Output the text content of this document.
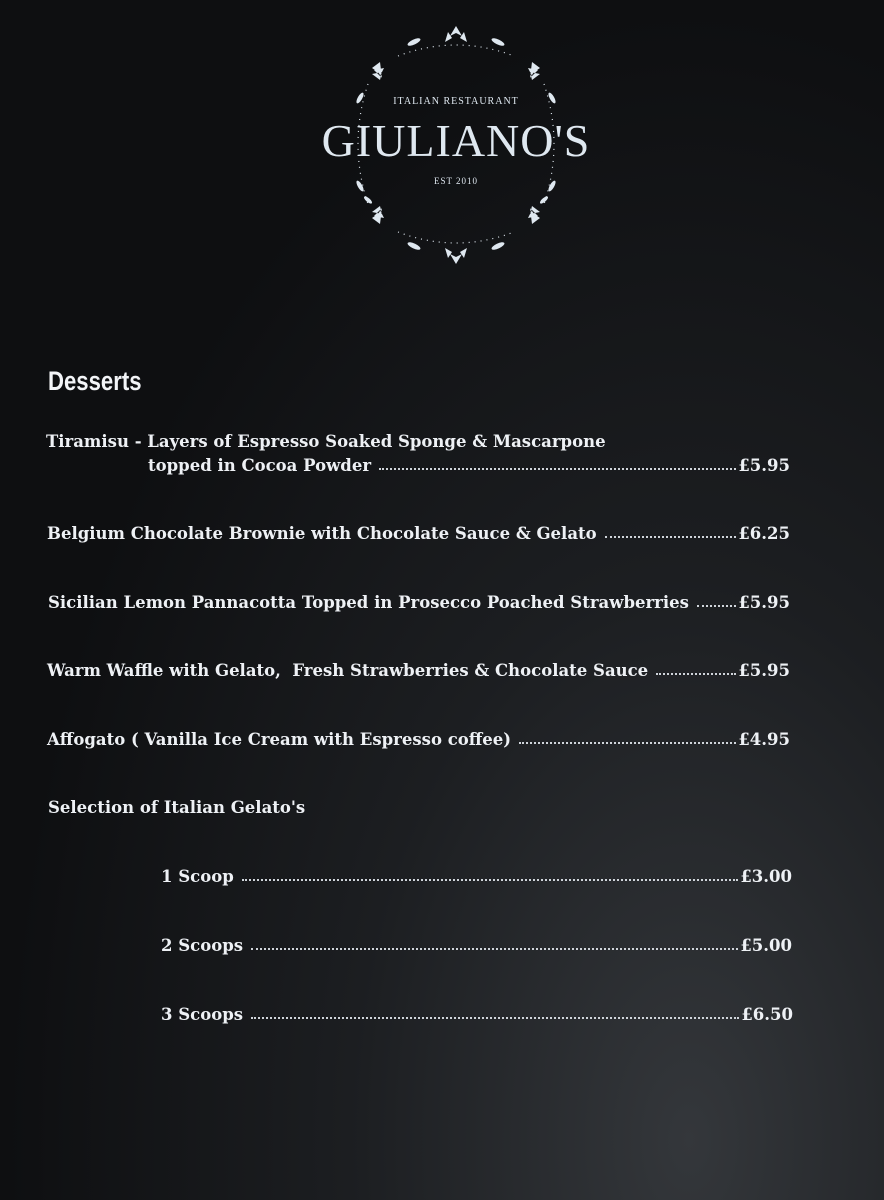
ITALIAN RESTAURANT
GIULIANO'S
EST 2010
Desserts
Tiramisu - Layers of Espresso Soaked Sponge & Mascarpone
topped in Cocoa Powder	£5.95
Belgium Chocolate Brownie with Chocolate Sauce & Gelato	£6.25
Sicilian Lemon Pannacotta Topped in Prosecco Poached Strawberries	£5.95
Warm Waffle with Gelato,  Fresh Strawberries & Chocolate Sauce	£5.95
Affogato ( Vanilla Ice Cream with Espresso coffee)	£4.95
Selection of Italian Gelato's
1 Scoop	£3.00
2 Scoops	£5.00
3 Scoops	£6.50
